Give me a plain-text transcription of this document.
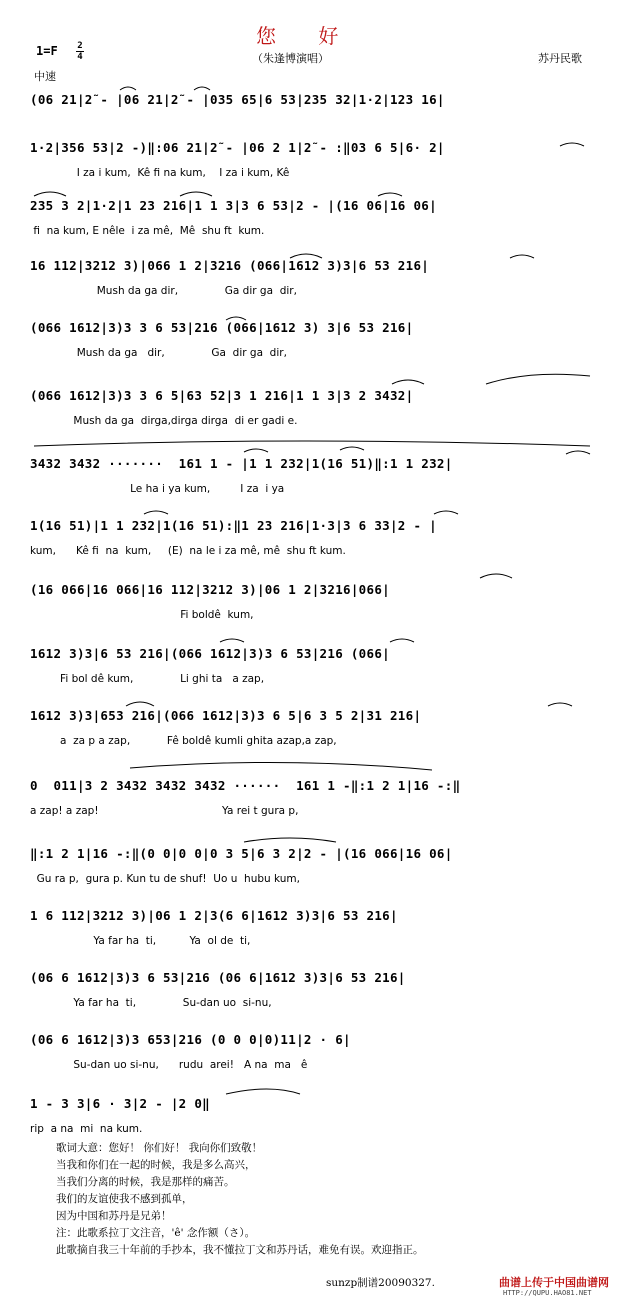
您 好
1=F 2
4	（朱逢博演唱）	苏丹民歌
中速
(06 21|2̃ - |06 21|2̃ - |035 65|6 53|235 32|1·2|123 16|
1·2|356 53|2 -)‖:06 21|2̃ - |06 2 1|2̃ - :‖03 6 5|6· 2|
I za i kum,  Kê fi na kum,    I za i kum, Kê
235 3 2|1·2|1 23 216|1 1 3|3 6 53|2 - |(16 06|16 06|
fi  na kum, E nêle  i za mê,  Mê  shu ft  kum.
16 112|3212 3)|066 1 2|3216 (066|1612 3)3|6 53 216|
Mush da ga dir,              Ga dir ga  dir,
(066 1612|3)3 3 6 53|216 (066|1612 3) 3|6 53 216|
Mush da ga   dir,              Ga  dir ga  dir,
(066 1612|3)3 3 6 5|63 52|3 1 216|1 1 3|3 2 3432|
Mush da ga  dirga,dirga dirga  di er gadi e.
3432 3432 ·······  161 1 - |1 1 232|1(16 51)‖:1 1 232|
Le ha i ya kum,         I za  i ya
1(16 51)|1 1 232|1(16 51):‖1 23 216|1·3|3 6 33|2 - |
kum,      Kê fi  na  kum,     (E)  na le i za mê, mê  shu ft kum.
(16 066|16 066|16 112|3212 3)|06 1 2|3216|066|
Fi boldê  kum,
1612 3)3|6 53 216|(066 1612|3)3 6 53|216 (066|
Fi bol dê kum,              Li ghi ta   a zap,
1612 3)3|653 216|(066 1612|3)3 6 5|6 3 5 2|31 216|
a  za p a zap,           Fê boldê kumli ghita azap,a zap,
0  011|3 2 3432 3432 3432 ······  161 1 -‖:1 2 1|16 -:‖
a zap! a zap!                                     Ya rei t gura p,
‖:1 2 1|16 -:‖(0 0|0 0|0 3 5|6 3 2|2 - |(16 066|16 06|
Gu ra p,  gura p. Kun tu de shuf!  Uo u  hubu kum,
1 6 112|3212 3)|06 1 2|3(6 6|1612 3)3|6 53 216|
Ya far ha  ti,          Ya  ol de  ti,
(06 6 1612|3)3 6 53|216 (06 6|1612 3)3|6 53 216|
Ya far ha  ti,              Su-dan uo  si-nu,
(06 6 1612|3)3 653|216 (0 0 0|0)11|2 · 6|
Su-dan uo si-nu,      rudu  arei!   A na  ma   ê
1 - 3 3|6 · 3|2 - |2 0‖
rip  a na  mi  na kum.
歌词大意：您好！ 你们好！ 我向你们致敬！
当我和你们在一起的时候，我是多么高兴，
当我们分离的时候，我是那样的痛苦。
我们的友谊使我不感到孤单，
因为中国和苏丹是兄弟！
注：此歌系拉丁文注音，'ê' 念作额（さ）。
此歌摘自我三十年前的手抄本，我不懂拉丁文和苏丹话，难免有误。欢迎指正。
sunzp制谱20090327.	曲谱上传于中国曲谱网
HTTP://QUPU.HAO81.NET
